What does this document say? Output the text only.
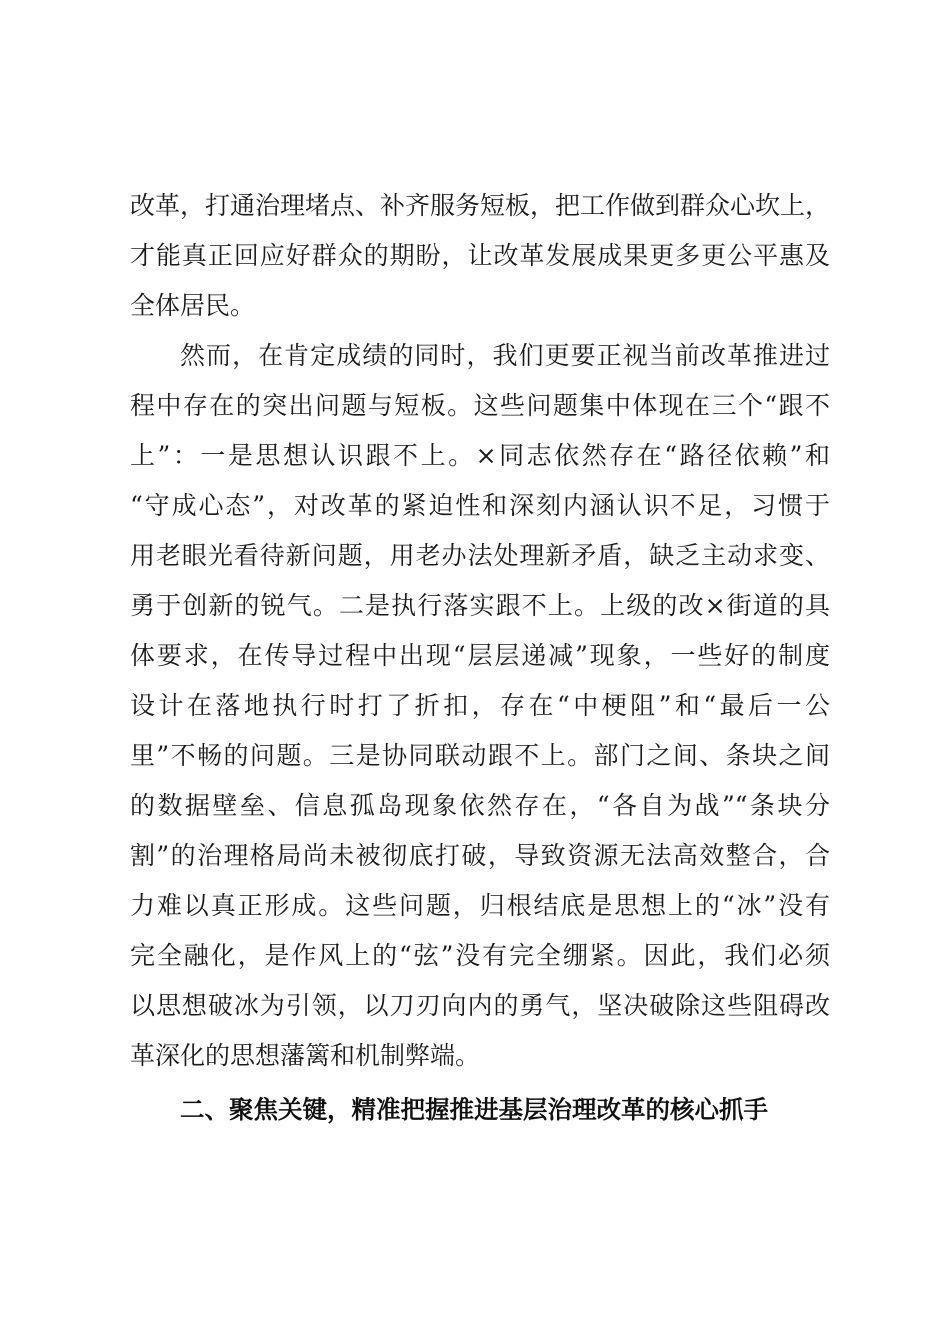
改革，打通治理堵点、补齐服务短板，把工作做到群众心坎上，
才能真正回应好群众的期盼，让改革发展成果更多更公平惠及
全体居民。
然而，在肯定成绩的同时，我们更要正视当前改革推进过
程中存在的突出问题与短板。这些问题集中体现在三个“跟不
上”：一是思想认识跟不上。×同志依然存在“路径依赖”和
“守成心态”，对改革的紧迫性和深刻内涵认识不足，习惯于
用老眼光看待新问题，用老办法处理新矛盾，缺乏主动求变、
勇于创新的锐气。二是执行落实跟不上。上级的改×街道的具
体要求，在传导过程中出现“层层递减”现象，一些好的制度
设计在落地执行时打了折扣，存在“中梗阻”和“最后一公
里”不畅的问题。三是协同联动跟不上。部门之间、条块之间
的数据壁垒、信息孤岛现象依然存在，“各自为战”“条块分
割”的治理格局尚未被彻底打破，导致资源无法高效整合，合
力难以真正形成。这些问题，归根结底是思想上的“冰”没有
完全融化，是作风上的“弦”没有完全绷紧。因此，我们必须
以思想破冰为引领，以刀刃向内的勇气，坚决破除这些阻碍改
革深化的思想藩篱和机制弊端。
二、聚焦关键，精准把握推进基层治理改革的核心抓手
